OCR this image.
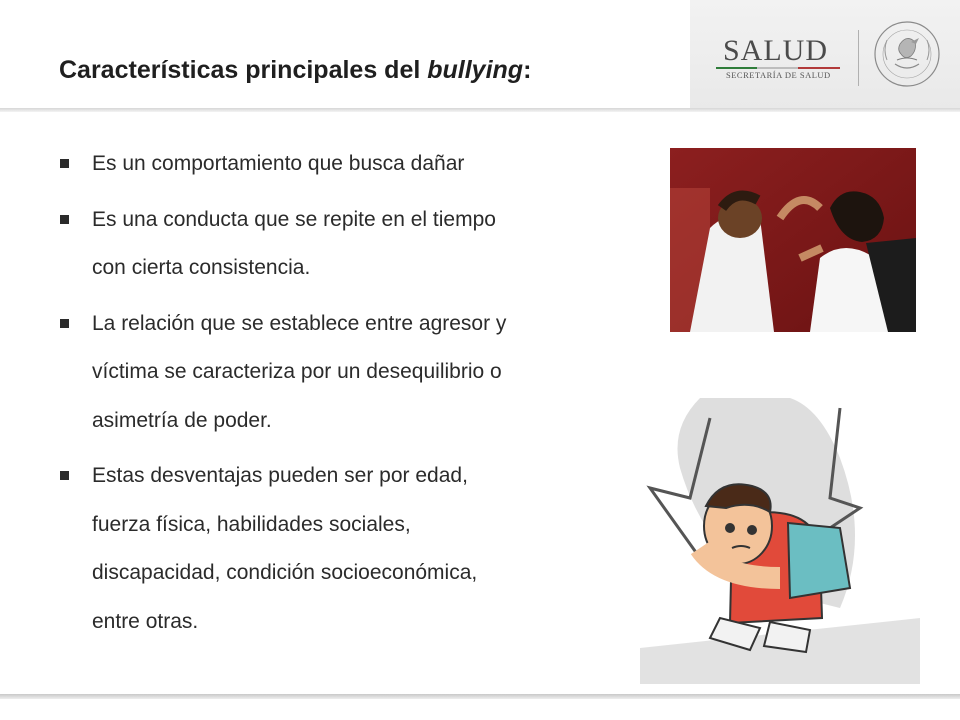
Características principales del bullying:
SALUD
SECRETARÍA DE SALUD
Es un comportamiento que busca dañar
Es una conducta que se repite en el tiempo
con cierta consistencia.
La relación que se establece entre agresor y
víctima se caracteriza por un desequilibrio o
asimetría de poder.
Estas desventajas pueden ser por edad,
fuerza física, habilidades sociales,
discapacidad, condición socioeconómica,
entre otras.
